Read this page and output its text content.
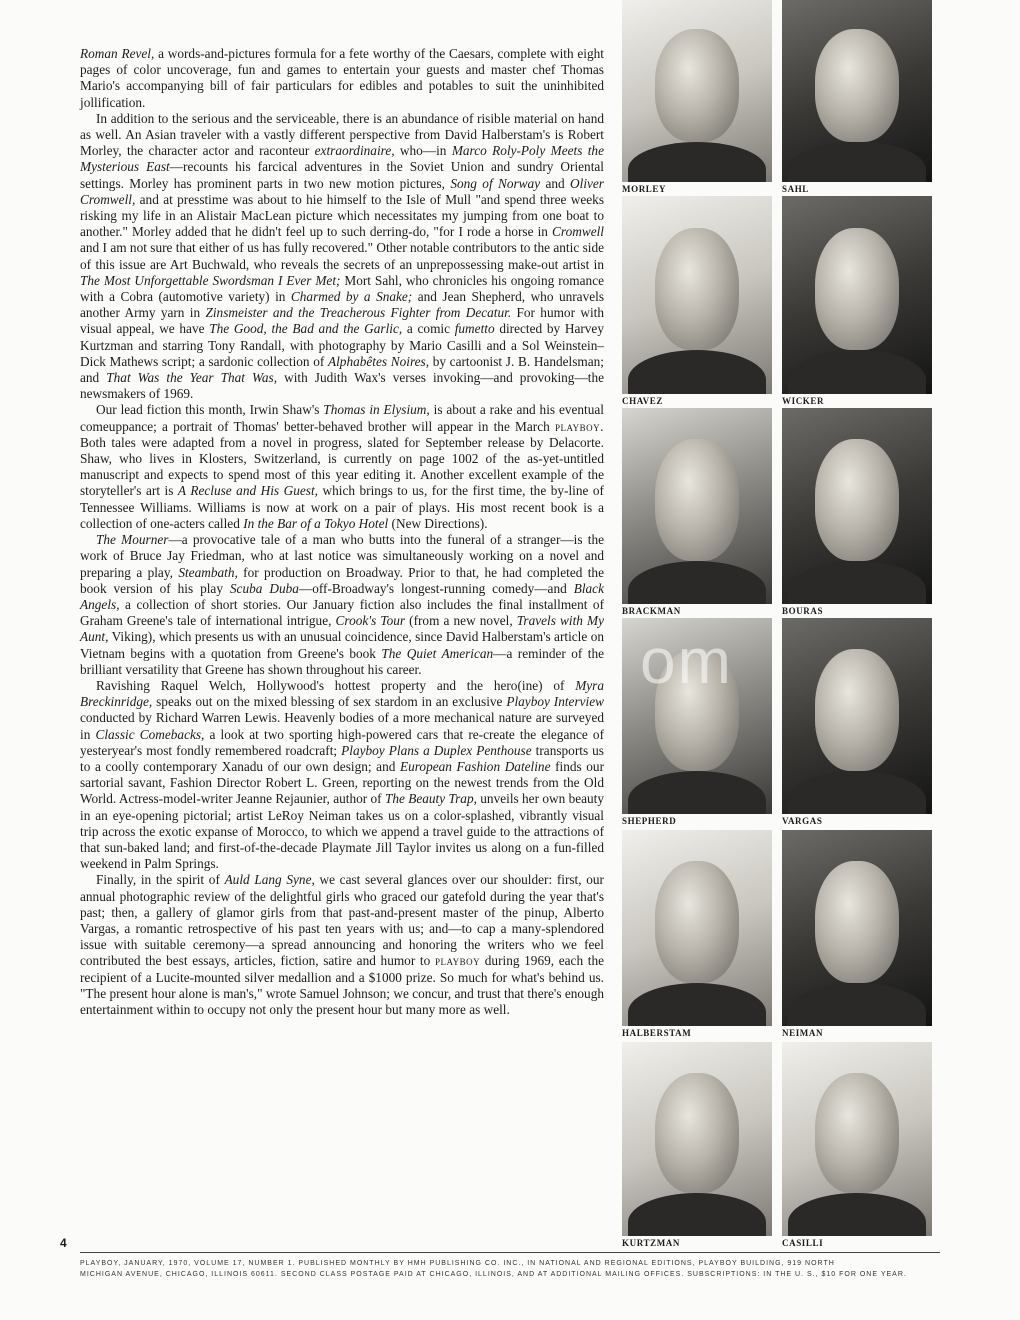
Roman Revel, a words-and-pictures formula for a fete worthy of the Caesars, complete with eight pages of color uncoverage, fun and games to entertain your guests and master chef Thomas Mario's accompanying bill of fair particulars for edibles and potables to suit the uninhibited jollification.

In addition to the serious and the serviceable, there is an abundance of risible material on hand as well. An Asian traveler with a vastly different perspective from David Halberstam's is Robert Morley, the character actor and raconteur extraordinaire, who—in Marco Roly-Poly Meets the Mysterious East—recounts his farcical adventures in the Soviet Union and sundry Oriental settings. Morley has prominent parts in two new motion pictures, Song of Norway and Oliver Cromwell, and at presstime was about to hie himself to the Isle of Mull "and spend three weeks risking my life in an Alistair MacLean picture which necessitates my jumping from one boat to another." Morley added that he didn't feel up to such derring-do, "for I rode a horse in Cromwell and I am not sure that either of us has fully recovered." Other notable contributors to the antic side of this issue are Art Buchwald, who reveals the secrets of an unprepossessing make-out artist in The Most Unforgettable Swordsman I Ever Met; Mort Sahl, who chronicles his ongoing romance with a Cobra (automotive variety) in Charmed by a Snake; and Jean Shepherd, who unravels another Army yarn in Zinsmeister and the Treacherous Fighter from Decatur. For humor with visual appeal, we have The Good, the Bad and the Garlic, a comic fumetto directed by Harvey Kurtzman and starring Tony Randall, with photography by Mario Casilli and a Sol Weinstein–Dick Mathews script; a sardonic collection of Alphabêtes Noires, by cartoonist J. B. Handelsman; and That Was the Year That Was, with Judith Wax's verses invoking—and provoking—the newsmakers of 1969.

Our lead fiction this month, Irwin Shaw's Thomas in Elysium, is about a rake and his eventual comeuppance; a portrait of Thomas' better-behaved brother will appear in the March playboy. Both tales were adapted from a novel in progress, slated for September release by Delacorte. Shaw, who lives in Klosters, Switzerland, is currently on page 1002 of the as-yet-untitled manuscript and expects to spend most of this year editing it. Another excellent example of the storyteller's art is A Recluse and His Guest, which brings to us, for the first time, the by-line of Tennessee Williams. Williams is now at work on a pair of plays. His most recent book is a collection of one-acters called In the Bar of a Tokyo Hotel (New Directions).

The Mourner—a provocative tale of a man who butts into the funeral of a stranger—is the work of Bruce Jay Friedman, who at last notice was simultaneously working on a novel and preparing a play, Steambath, for production on Broadway. Prior to that, he had completed the book version of his play Scuba Duba—off-Broadway's longest-running comedy—and Black Angels, a collection of short stories. Our January fiction also includes the final installment of Graham Greene's tale of international intrigue, Crook's Tour (from a new novel, Travels with My Aunt, Viking), which presents us with an unusual coincidence, since David Halberstam's article on Vietnam begins with a quotation from Greene's book The Quiet American—a reminder of the brilliant versatility that Greene has shown throughout his career.

Ravishing Raquel Welch, Hollywood's hottest property and the hero(ine) of Myra Breckinridge, speaks out on the mixed blessing of sex stardom in an exclusive Playboy Interview conducted by Richard Warren Lewis. Heavenly bodies of a more mechanical nature are surveyed in Classic Comebacks, a look at two sporting high-powered cars that re-create the elegance of yesteryear's most fondly remembered roadcraft; Playboy Plans a Duplex Penthouse transports us to a coolly contemporary Xanadu of our own design; and European Fashion Dateline finds our sartorial savant, Fashion Director Robert L. Green, reporting on the newest trends from the Old World. Actress-model-writer Jeanne Rejaunier, author of The Beauty Trap, unveils her own beauty in an eye-opening pictorial; artist LeRoy Neiman takes us on a color-splashed, vibrantly visual trip across the exotic expanse of Morocco, to which we append a travel guide to the attractions of that sun-baked land; and first-of-the-decade Playmate Jill Taylor invites us along on a fun-filled weekend in Palm Springs.

Finally, in the spirit of Auld Lang Syne, we cast several glances over our shoulder: first, our annual photographic review of the delightful girls who graced our gatefold during the year that's past; then, a gallery of glamor girls from that past-and-present master of the pinup, Alberto Vargas, a romantic retrospective of his past ten years with us; and—to cap a many-splendored issue with suitable ceremony—a spread announcing and honoring the writers who we feel contributed the best essays, articles, fiction, satire and humor to playboy during 1969, each the recipient of a Lucite-mounted silver medallion and a $1000 prize. So much for what's behind us. "The present hour alone is man's," wrote Samuel Johnson; we concur, and trust that there's enough entertainment within to occupy not only the present hour but many more as well.

MORLEY	SAHL
CHAVEZ	WICKER
BRACKMAN	BOURAS
SHEPHERD	VARGAS
HALBERSTAM	NEIMAN
KURTZMAN	CASILLI
om
4
PLAYBOY, JANUARY, 1970, VOLUME 17, NUMBER 1. PUBLISHED MONTHLY BY HMH PUBLISHING CO. INC., IN NATIONAL AND REGIONAL EDITIONS, PLAYBOY BUILDING, 919 NORTH
MICHIGAN AVENUE, CHICAGO, ILLINOIS 60611. SECOND CLASS POSTAGE PAID AT CHICAGO, ILLINOIS, AND AT ADDITIONAL MAILING OFFICES. SUBSCRIPTIONS: IN THE U. S., $10 FOR ONE YEAR.
